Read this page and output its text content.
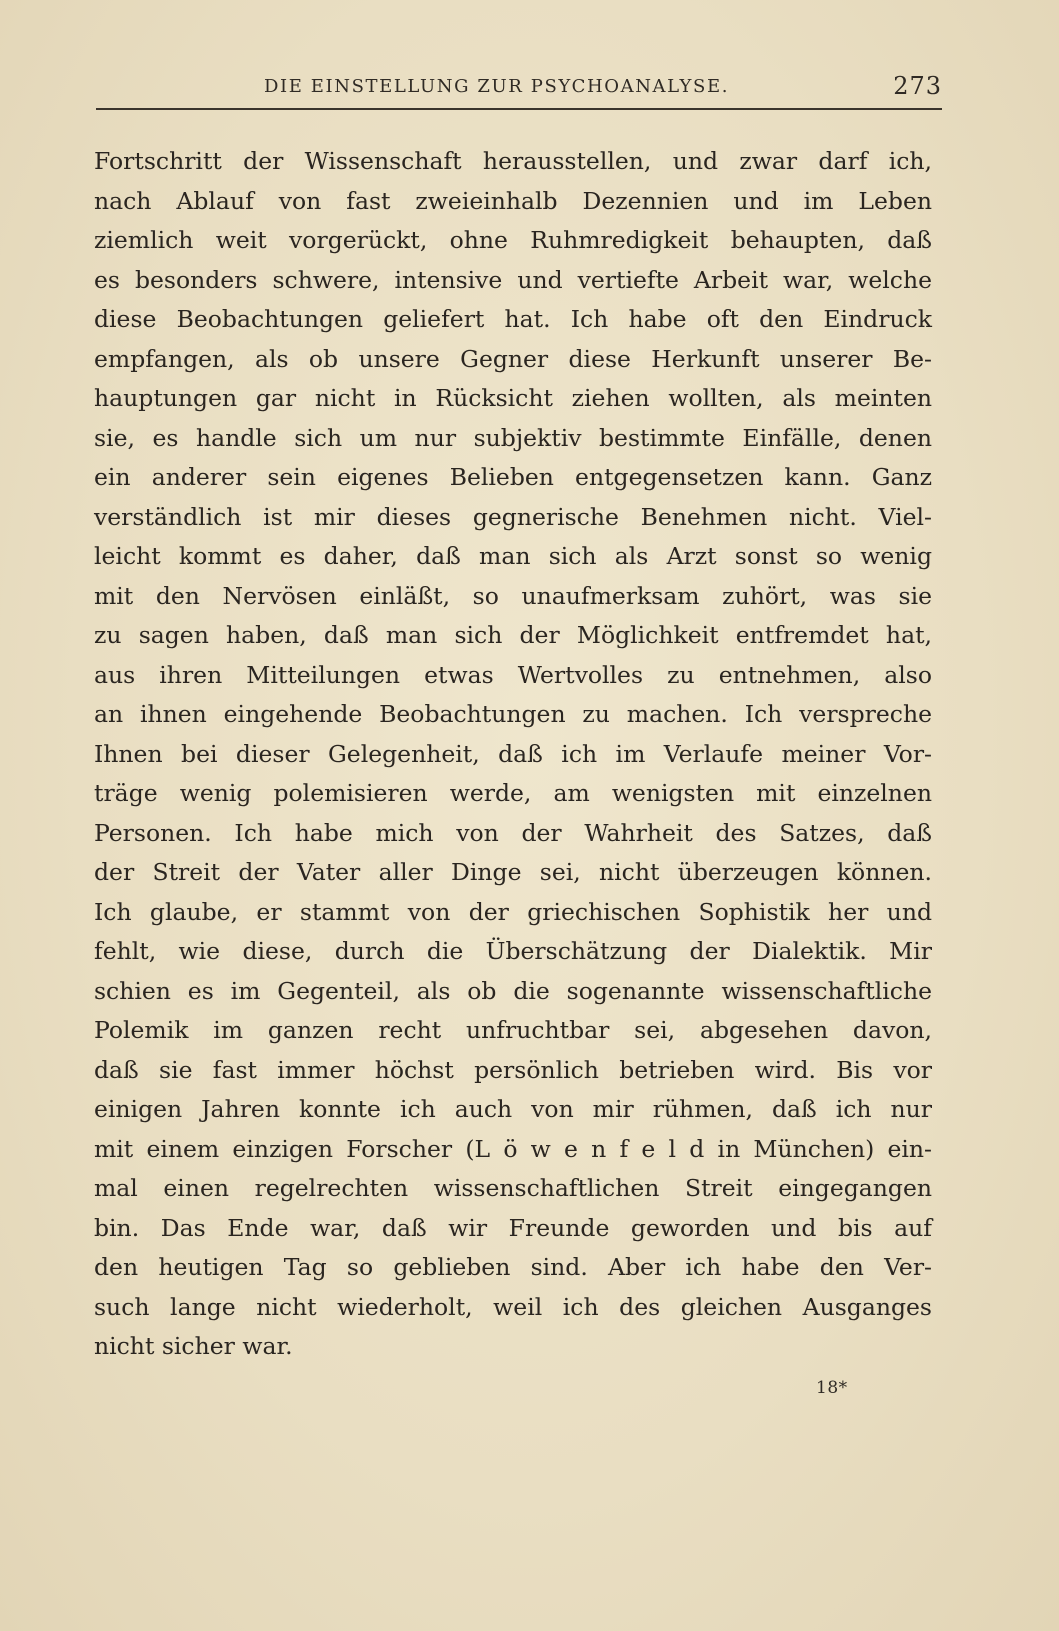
DIE EINSTELLUNG ZUR PSYCHOANALYSE.	273
Fortschritt der Wissenschaft herausstellen, und zwar darf ich,
nach Ablauf von fast zweieinhalb Dezennien und im Leben
ziemlich weit vorgerückt, ohne Ruhmredigkeit behaupten, daß
es besonders schwere, intensive und vertiefte Arbeit war, welche
diese Beobachtungen geliefert hat. Ich habe oft den Eindruck
empfangen, als ob unsere Gegner diese Herkunft unserer Be-
hauptungen gar nicht in Rücksicht ziehen wollten, als meinten
sie, es handle sich um nur subjektiv bestimmte Einfälle, denen
ein anderer sein eigenes Belieben entgegensetzen kann. Ganz
verständlich ist mir dieses gegnerische Benehmen nicht. Viel-
leicht kommt es daher, daß man sich als Arzt sonst so wenig
mit den Nervösen einläßt, so unaufmerksam zuhört, was sie
zu sagen haben, daß man sich der Möglichkeit entfremdet hat,
aus ihren Mitteilungen etwas Wertvolles zu entnehmen, also
an ihnen eingehende Beobachtungen zu machen. Ich verspreche
Ihnen bei dieser Gelegenheit, daß ich im Verlaufe meiner Vor-
träge wenig polemisieren werde, am wenigsten mit einzelnen
Personen. Ich habe mich von der Wahrheit des Satzes, daß
der Streit der Vater aller Dinge sei, nicht überzeugen können.
Ich glaube, er stammt von der griechischen Sophistik her und
fehlt, wie diese, durch die Überschätzung der Dialektik. Mir
schien es im Gegenteil, als ob die sogenannte wissenschaftliche
Polemik im ganzen recht unfruchtbar sei, abgesehen davon,
daß sie fast immer höchst persönlich betrieben wird. Bis vor
einigen Jahren konnte ich auch von mir rühmen, daß ich nur
mit einem einzigen Forscher (L ö w e n f e l d in München) ein-
mal einen regelrechten wissenschaftlichen Streit eingegangen
bin. Das Ende war, daß wir Freunde geworden und bis auf
den heutigen Tag so geblieben sind. Aber ich habe den Ver-
such lange nicht wiederholt, weil ich des gleichen Ausganges
nicht sicher war.
18*
